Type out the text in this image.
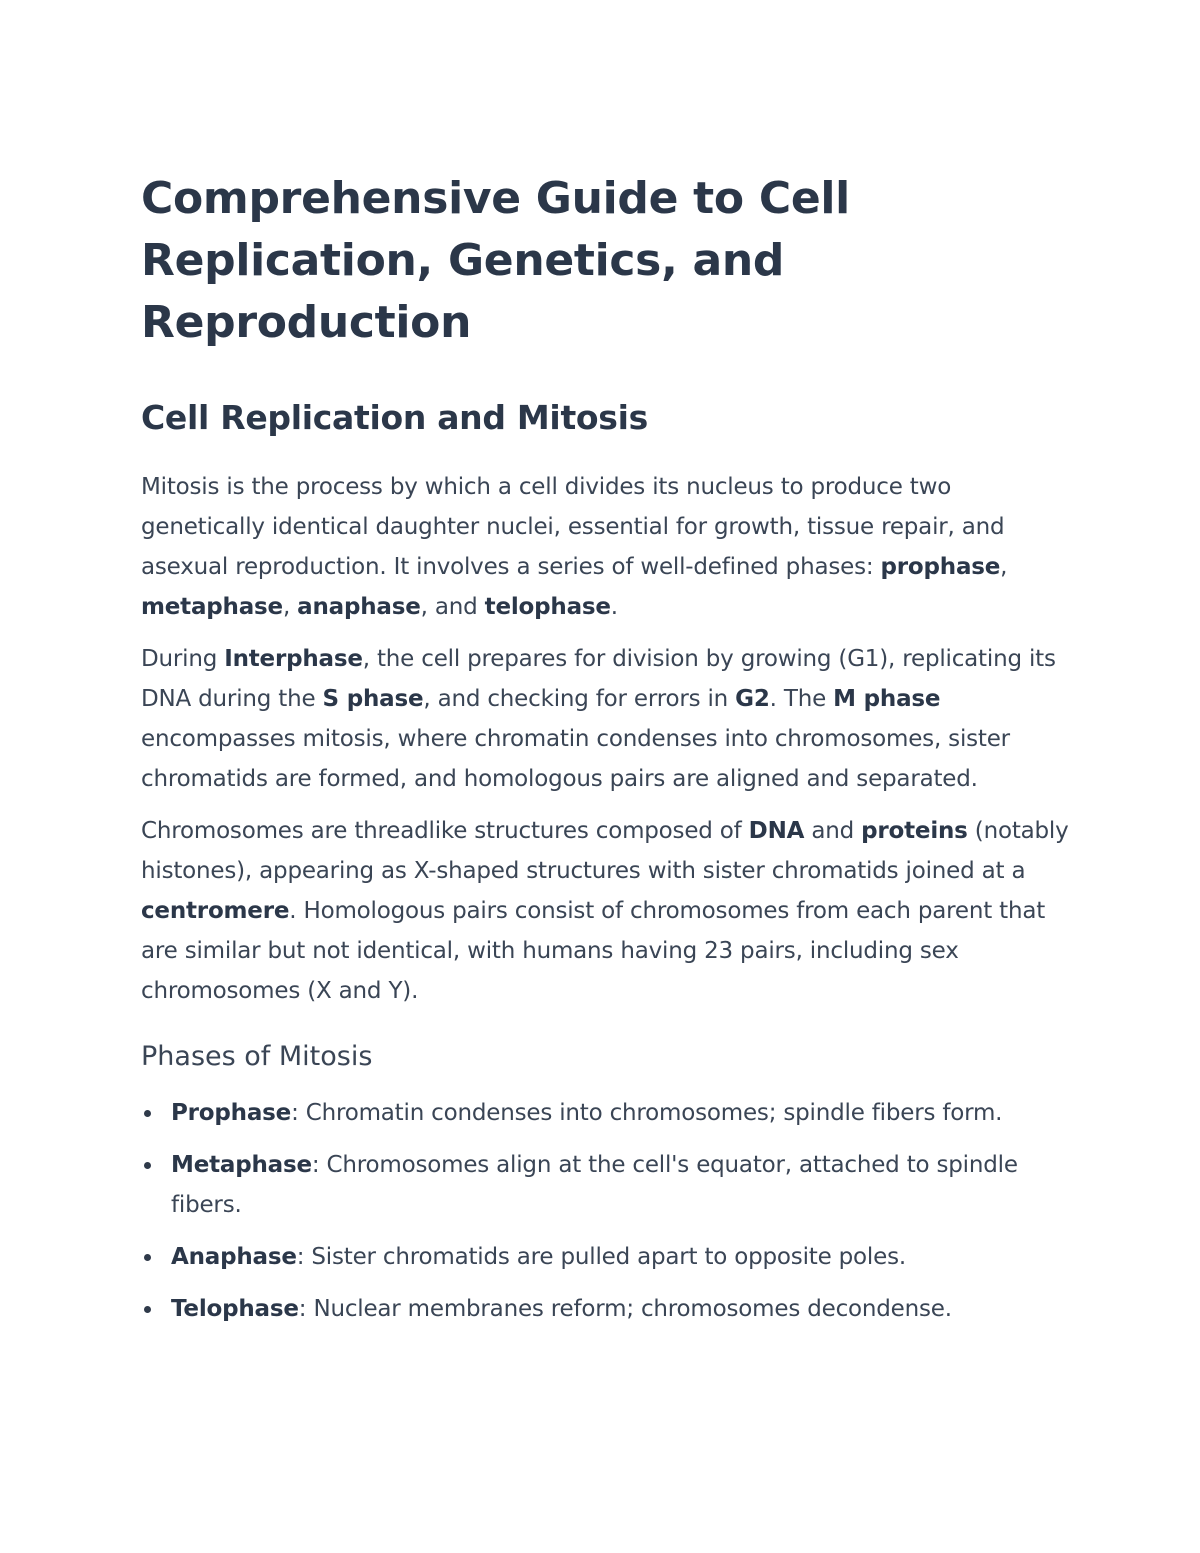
Comprehensive Guide to Cell Replication, Genetics, and Reproduction
Cell Replication and Mitosis

Mitosis is the process by which a cell divides its nucleus to produce two genetically identical daughter nuclei, essential for growth, tissue repair, and asexual reproduction. It involves a series of well-defined phases: prophase, metaphase, anaphase, and telophase.

During Interphase, the cell prepares for division by growing (G1), replicating its DNA during the S phase, and checking for errors in G2. The M phase encompasses mitosis, where chromatin condenses into chromosomes, sister chromatids are formed, and homologous pairs are aligned and separated.

Chromosomes are threadlike structures composed of DNA and proteins (notably histones), appearing as X-shaped structures with sister chromatids joined at a centromere. Homologous pairs consist of chromosomes from each parent that are similar but not identical, with humans having 23 pairs, including sex chromosomes (X and Y).

Phases of Mitosis
Prophase: Chromatin condenses into chromosomes; spindle fibers form.
Metaphase: Chromosomes align at the cell's equator, attached to spindle fibers.
Anaphase: Sister chromatids are pulled apart to opposite poles.
Telophase: Nuclear membranes reform; chromosomes decondense.
